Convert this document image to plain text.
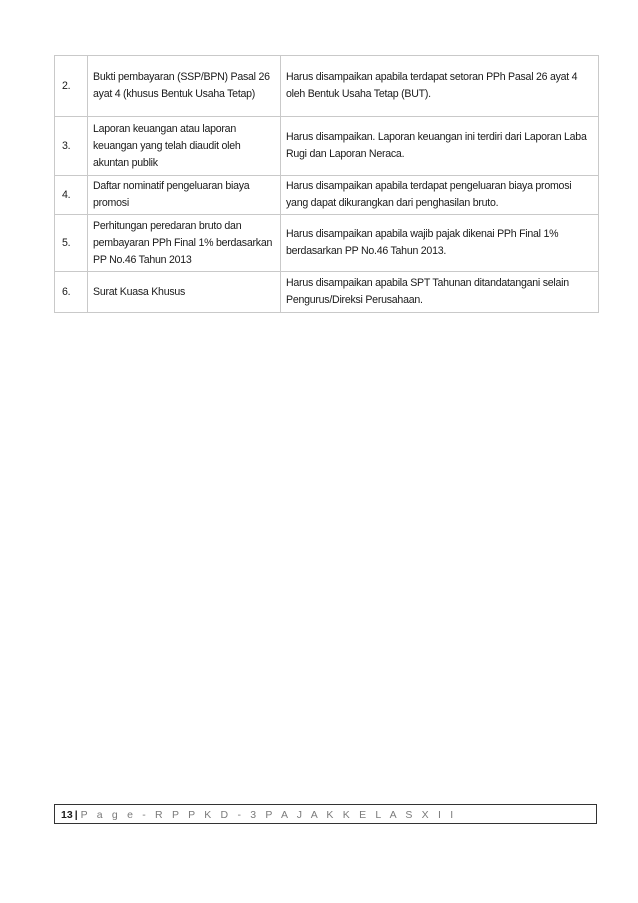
2.	Bukti pembayaran (SSP/BPN) Pasal 26 ayat 4 (khusus Bentuk Usaha Tetap)	Harus disampaikan apabila terdapat setoran PPh Pasal 26 ayat 4 oleh Bentuk Usaha Tetap (BUT).
3.	Laporan keuangan atau laporan keuangan yang telah diaudit oleh akuntan publik	Harus disampaikan. Laporan keuangan ini terdiri dari Laporan Laba Rugi dan Laporan Neraca.
4.	Daftar nominatif pengeluaran biaya promosi	Harus disampaikan apabila terdapat pengeluaran biaya promosi yang dapat dikurangkan dari penghasilan bruto.
5.	Perhitungan peredaran bruto dan pembayaran PPh Final 1% berdasarkan PP No.46 Tahun 2013	Harus disampaikan apabila wajib pajak dikenai PPh Final 1% berdasarkan PP No.46 Tahun 2013.
6.	Surat Kuasa Khusus	Harus disampaikan apabila SPT Tahunan ditandatangani selain Pengurus/Direksi Perusahaan.
13 | P a g e - R P P K D - 3 P A J A K K E L A S X I I
